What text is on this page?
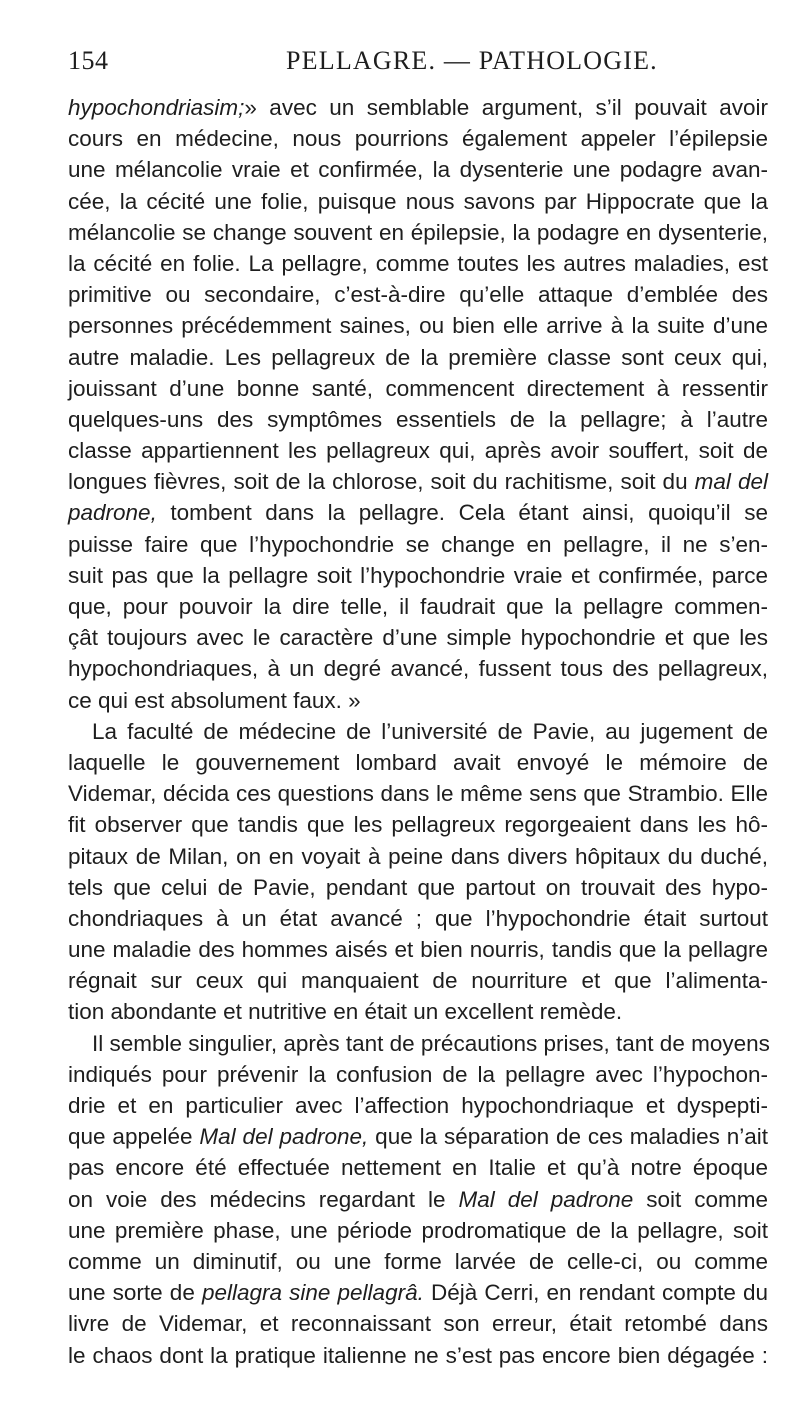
154	PELLAGRE. — PATHOLOGIE.
hypochondriasim;» avec un semblable argument, s’il pouvait avoir
cours en médecine, nous pourrions également appeler l’épilepsie
une mélancolie vraie et confirmée, la dysenterie une podagre avan-
cée, la cécité une folie, puisque nous savons par Hippocrate que la
mélancolie se change souvent en épilepsie, la podagre en dysenterie,
la cécité en folie. La pellagre, comme toutes les autres maladies, est
primitive ou secondaire, c’est-à-dire qu’elle attaque d’emblée des
personnes précédemment saines, ou bien elle arrive à la suite d’une
autre maladie. Les pellagreux de la première classe sont ceux qui,
jouissant d’une bonne santé, commencent directement à ressentir
quelques-uns des symptômes essentiels de la pellagre; à l’autre
classe appartiennent les pellagreux qui, après avoir souffert, soit de
longues fièvres, soit de la chlorose, soit du rachitisme, soit du mal del
padrone, tombent dans la pellagre. Cela étant ainsi, quoiqu’il se
puisse faire que l’hypochondrie se change en pellagre, il ne s’en-
suit pas que la pellagre soit l’hypochondrie vraie et confirmée, parce
que, pour pouvoir la dire telle, il faudrait que la pellagre commen-
çât toujours avec le caractère d’une simple hypochondrie et que les
hypochondriaques, à un degré avancé, fussent tous des pellagreux,
ce qui est absolument faux. »
La faculté de médecine de l’université de Pavie, au jugement de
laquelle le gouvernement lombard avait envoyé le mémoire de
Videmar, décida ces questions dans le même sens que Strambio. Elle
fit observer que tandis que les pellagreux regorgeaient dans les hô-
pitaux de Milan, on en voyait à peine dans divers hôpitaux du duché,
tels que celui de Pavie, pendant que partout on trouvait des hypo-
chondriaques à un état avancé ; que l’hypochondrie était surtout
une maladie des hommes aisés et bien nourris, tandis que la pellagre
régnait sur ceux qui manquaient de nourriture et que l’alimenta-
tion abondante et nutritive en était un excellent remède.
Il semble singulier, après tant de précautions prises, tant de moyens
indiqués pour prévenir la confusion de la pellagre avec l’hypochon-
drie et en particulier avec l’affection hypochondriaque et dyspepti-
que appelée Mal del padrone, que la séparation de ces maladies n’ait
pas encore été effectuée nettement en Italie et qu’à notre époque
on voie des médecins regardant le Mal del padrone soit comme
une première phase, une période prodromatique de la pellagre, soit
comme un diminutif, ou une forme larvée de celle-ci, ou comme
une sorte de pellagra sine pellagrâ. Déjà Cerri, en rendant compte du
livre de Videmar, et reconnaissant son erreur, était retombé dans
le chaos dont la pratique italienne ne s’est pas encore bien dégagée :
